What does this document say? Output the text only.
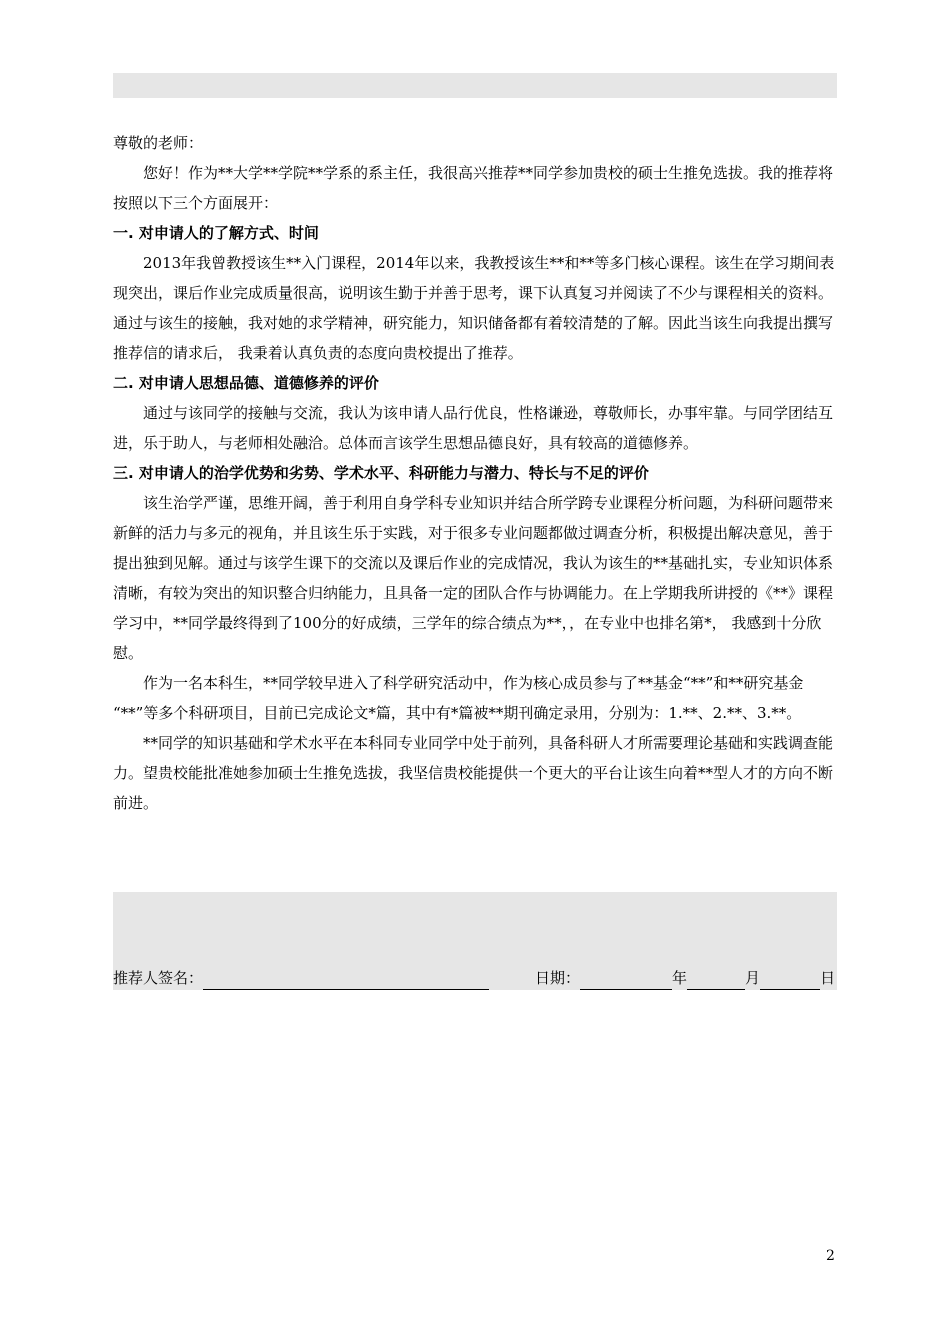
尊敬的老师：

您好！作为**大学**学院**学系的系主任，我很高兴推荐**同学参加贵校的硕士生推免选拔。我的推荐将按照以下三个方面展开：

一. 对申请人的了解方式、时间

2013年我曾教授该生**入门课程，2014年以来，我教授该生**和**等多门核心课程。该生在学习期间表现突出，课后作业完成质量很高，说明该生勤于并善于思考，课下认真复习并阅读了不少与课程相关的资料。通过与该生的接触，我对她的求学精神，研究能力，知识储备都有着较清楚的了解。因此当该生向我提出撰写推荐信的请求后， 我秉着认真负责的态度向贵校提出了推荐。

二. 对申请人思想品德、道德修养的评价

通过与该同学的接触与交流，我认为该申请人品行优良，性格谦逊，尊敬师长，办事牢靠。与同学团结互进，乐于助人，与老师相处融洽。总体而言该学生思想品德良好，具有较高的道德修养。

三. 对申请人的治学优势和劣势、学术水平、科研能力与潜力、特长与不足的评价

该生治学严谨，思维开阔，善于利用自身学科专业知识并结合所学跨专业课程分析问题，为科研问题带来新鲜的活力与多元的视角，并且该生乐于实践，对于很多专业问题都做过调查分析，积极提出解决意见，善于提出独到见解。通过与该学生课下的交流以及课后作业的完成情况，我认为该生的**基础扎实，专业知识体系清晰，有较为突出的知识整合归纳能力，且具备一定的团队合作与协调能力。在上学期我所讲授的《**》课程学习中，**同学最终得到了100分的好成绩，三学年的综合绩点为**，，在专业中也排名第*， 我感到十分欣慰。

作为一名本科生，**同学较早进入了科学研究活动中，作为核心成员参与了**基金“**”和**研究基金 “**”等多个科研项目，目前已完成论文*篇，其中有*篇被**期刊确定录用，分别为：1.**、2.**、3.**。

**同学的知识基础和学术水平在本科同专业同学中处于前列，具备科研人才所需要理论基础和实践调查能力。望贵校能批准她参加硕士生推免选拔，我坚信贵校能提供一个更大的平台让该生向着**型人才的方向不断前进。

推荐人签名：	日期：	年	月	日
2
